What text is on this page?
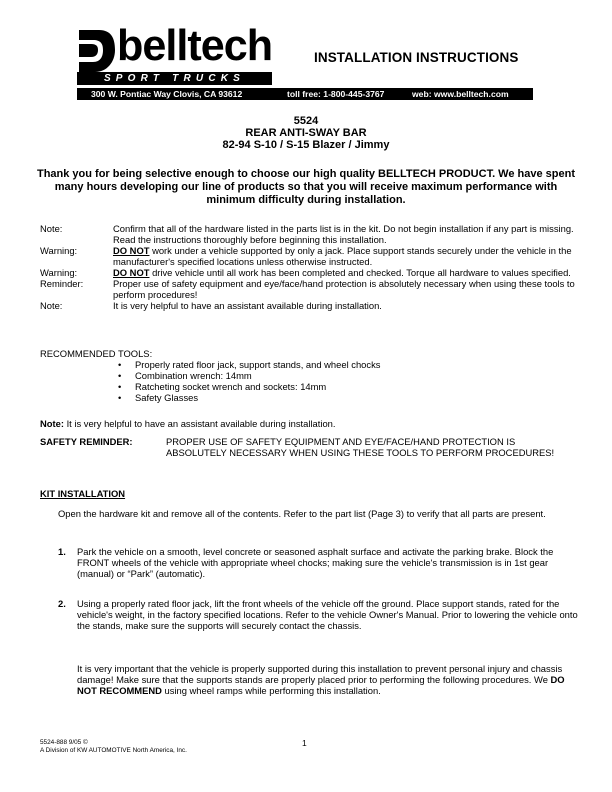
belltech
SPORT TRUCKS
INSTALLATION INSTRUCTIONS
300 W. Pontiac Way Clovis, CA 93612	toll free: 1-800-445-3767	web: www.belltech.com
5524
REAR ANTI-SWAY BAR
82-94 S-10 / S-15 Blazer / Jimmy
Thank you for being selective enough to choose our high quality BELLTECH PRODUCT. We have spent many hours developing our line of products so that you will receive maximum performance with minimum difficulty during installation.
Note:	Confirm that all of the hardware listed in the parts list is in the kit. Do not begin installation if any part is missing. Read the instructions thoroughly before beginning this installation.
Warning:	DO NOT work under a vehicle supported by only a jack. Place support stands securely under the vehicle in the manufacturer's specified locations unless otherwise instructed.
Warning:	DO NOT drive vehicle until all work has been completed and checked. Torque all hardware to values specified.
Reminder:	Proper use of safety equipment and eye/face/hand protection is absolutely necessary when using these tools to perform procedures!
Note:	It is very helpful to have an assistant available during installation.
RECOMMENDED TOOLS:
• Properly rated floor jack, support stands, and wheel chocks
• Combination wrench: 14mm
• Ratcheting socket wrench and sockets: 14mm
• Safety Glasses
Note: It is very helpful to have an assistant available during installation.
SAFETY REMINDER:	PROPER USE OF SAFETY EQUIPMENT AND EYE/FACE/HAND PROTECTION IS ABSOLUTELY NECESSARY WHEN USING THESE TOOLS TO PERFORM PROCEDURES!
KIT INSTALLATION
Open the hardware kit and remove all of the contents. Refer to the part list (Page 3) to verify that all parts are present.
1. Park the vehicle on a smooth, level concrete or seasoned asphalt surface and activate the parking brake. Block the FRONT wheels of the vehicle with appropriate wheel chocks; making sure the vehicle's transmission is in 1st gear (manual) or “Park” (automatic).
2. Using a properly rated floor jack, lift the front wheels of the vehicle off the ground. Place support stands, rated for the vehicle's weight, in the factory specified locations. Refer to the vehicle Owner's Manual. Prior to lowering the vehicle onto the stands, make sure the supports will securely contact the chassis.
It is very important that the vehicle is properly supported during this installation to prevent personal injury and chassis damage! Make sure that the supports stands are properly placed prior to performing the following procedures. We DO NOT RECOMMEND using wheel ramps while performing this installation.
5524-888 9/05 ©
A Division of KW AUTOMOTIVE North America, Inc.
1
